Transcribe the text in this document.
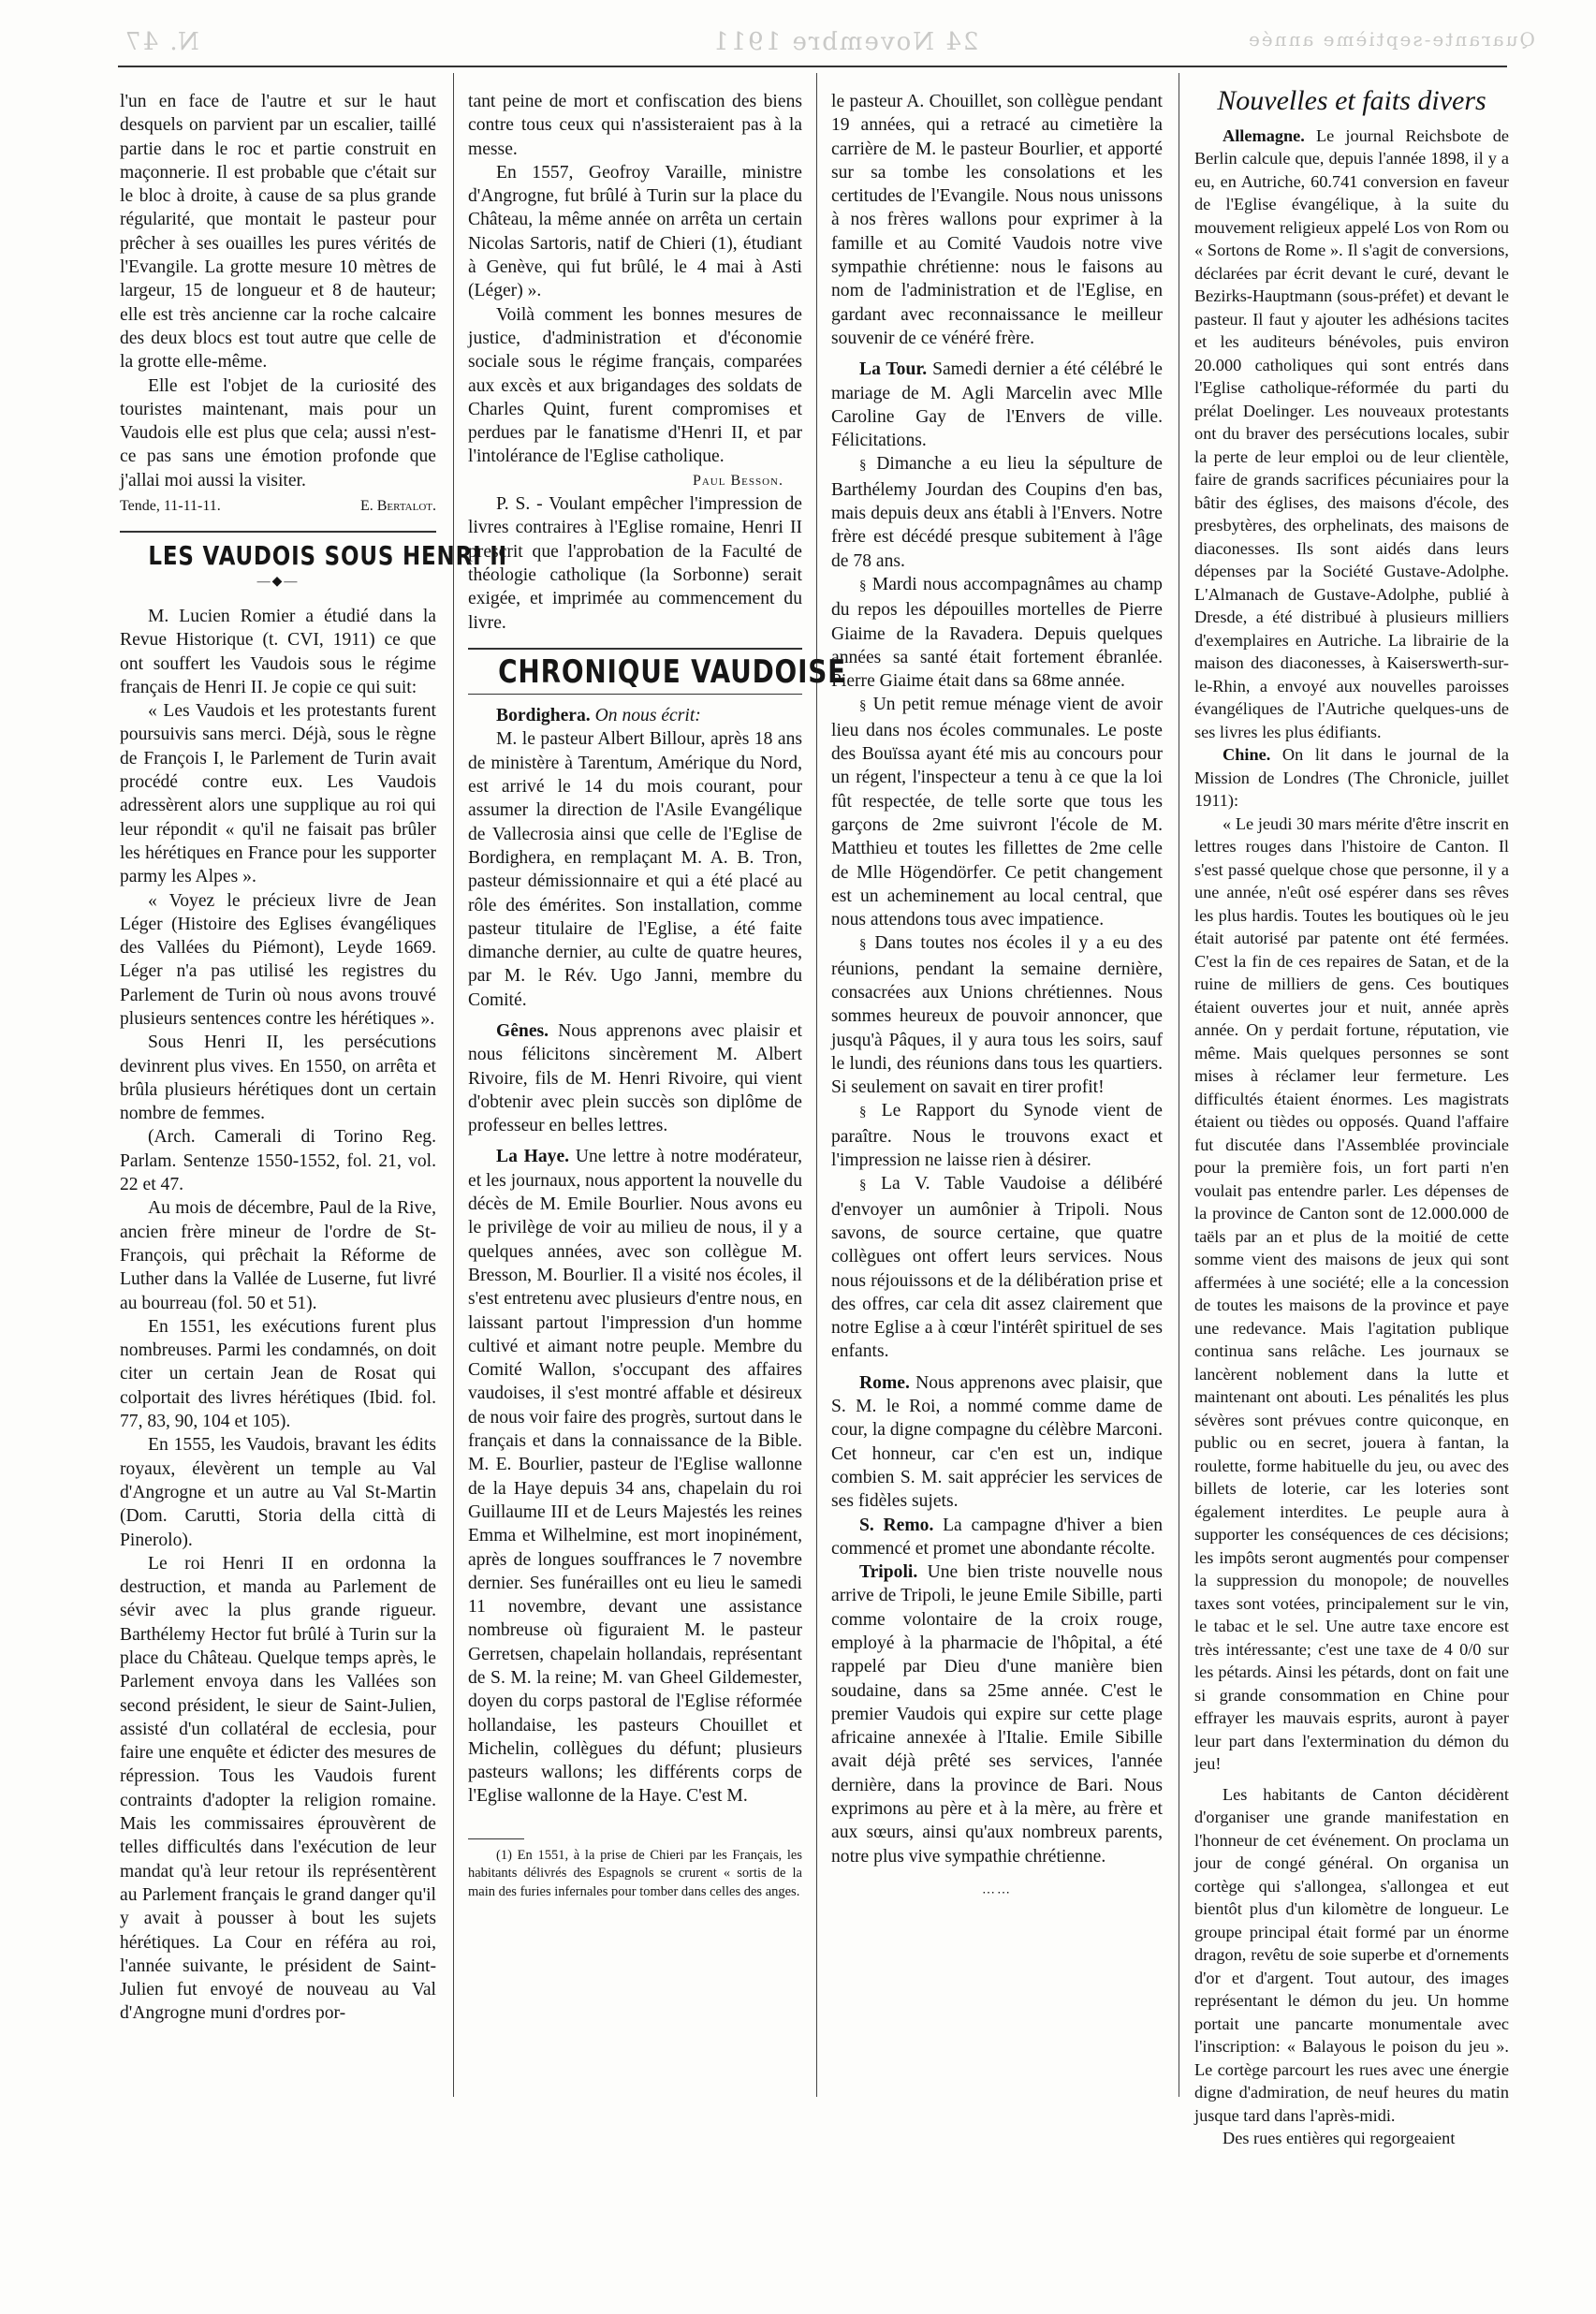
N. 47	24 Novembre 1911	Quarante-septième année

l'un en face de l'autre et sur le haut desquels on parvient par un escalier, taillé partie dans le roc et partie construit en maçonnerie. Il est probable que c'était sur le bloc à droite, à cause de sa plus grande régularité, que montait le pasteur pour prêcher à ses ouailles les pures vérités de l'Evangile. La grotte mesure 10 mètres de largeur, 15 de longueur et 8 de hauteur; elle est très ancienne car la roche calcaire des deux blocs est tout autre que celle de la grotte elle-même.

Elle est l'objet de la curiosité des touristes maintenant, mais pour un Vaudois elle est plus que cela; aussi n'est-ce pas sans une émotion profonde que j'allai moi aussi la visiter.

Tende, 11-11-11.	E. Bertalot.
LES VAUDOIS SOUS HENRI II
—◆—

M. Lucien Romier a étudié dans la Revue Historique (t. CVI, 1911) ce que ont souffert les Vaudois sous le régime français de Henri II. Je copie ce qui suit:

« Les Vaudois et les protestants furent poursuivis sans merci. Déjà, sous le règne de François I, le Parlement de Turin avait procédé contre eux. Les Vaudois adressèrent alors une supplique au roi qui leur répondit « qu'il ne faisait pas brûler les hérétiques en France pour les supporter parmy les Alpes ».

« Voyez le précieux livre de Jean Léger (Histoire des Eglises évangéliques des Vallées du Piémont), Leyde 1669. Léger n'a pas utilisé les registres du Parlement de Turin où nous avons trouvé plusieurs sentences contre les hérétiques ».

Sous Henri II, les persécutions devinrent plus vives. En 1550, on arrêta et brûla plusieurs hérétiques dont un certain nombre de femmes.

(Arch. Camerali di Torino Reg. Parlam. Sentenze 1550-1552, fol. 21, vol. 22 et 47.

Au mois de décembre, Paul de la Rive, ancien frère mineur de l'ordre de St-François, qui prêchait la Réforme de Luther dans la Vallée de Luserne, fut livré au bourreau (fol. 50 et 51).

En 1551, les exécutions furent plus nombreuses. Parmi les condamnés, on doit citer un certain Jean de Rosat qui colportait des livres hérétiques (Ibid. fol. 77, 83, 90, 104 et 105).

En 1555, les Vaudois, bravant les édits royaux, élevèrent un temple au Val d'Angrogne et un autre au Val St-Martin (Dom. Carutti, Storia della città di Pinerolo).

Le roi Henri II en ordonna la destruction, et manda au Parlement de sévir avec la plus grande rigueur. Barthélemy Hector fut brûlé à Turin sur la place du Château. Quelque temps après, le Parlement envoya dans les Vallées son second président, le sieur de Saint-Julien, assisté d'un collatéral de ecclesia, pour faire une enquête et édicter des mesures de répression. Tous les Vaudois furent contraints d'adopter la religion romaine. Mais les commissaires éprouvèrent de telles difficultés dans l'exécution de leur mandat qu'à leur retour ils représentèrent au Parlement français le grand danger qu'il y avait à pousser à bout les sujets hérétiques. La Cour en référa au roi, l'année suivante, le président de Saint-Julien fut envoyé de nouveau au Val d'Angrogne muni d'ordres por-

tant peine de mort et confiscation des biens contre tous ceux qui n'assisteraient pas à la messe.

En 1557, Geofroy Varaille, ministre d'Angrogne, fut brûlé à Turin sur la place du Château, la même année on arrêta un certain Nicolas Sartoris, natif de Chieri (1), étudiant à Genève, qui fut brûlé, le 4 mai à Asti (Léger) ».

Voilà comment les bonnes mesures de justice, d'administration et d'économie sociale sous le régime français, comparées aux excès et aux brigandages des soldats de Charles Quint, furent compromises et perdues par le fanatisme d'Henri II, et par l'intolérance de l'Eglise catholique.

Paul Besson.

P. S. - Voulant empêcher l'impression de livres contraires à l'Eglise romaine, Henri II prescrit que l'approbation de la Faculté de théologie catholique (la Sorbonne) serait exigée, et imprimée au commencement du livre.

CHRONIQUE VAUDOISE

Bordighera. On nous écrit:

M. le pasteur Albert Billour, après 18 ans de ministère à Tarentum, Amérique du Nord, est arrivé le 14 du mois courant, pour assumer la direction de l'Asile Evangélique de Vallecrosia ainsi que celle de l'Eglise de Bordighera, en remplaçant M. A. B. Tron, pasteur démissionnaire et qui a été placé au rôle des émérites. Son installation, comme pasteur titulaire de l'Eglise, a été faite dimanche dernier, au culte de quatre heures, par M. le Rév. Ugo Janni, membre du Comité.

Gênes. Nous apprenons avec plaisir et nous félicitons sincèrement M. Albert Rivoire, fils de M. Henri Rivoire, qui vient d'obtenir avec plein succès son diplôme de professeur en belles lettres.

La Haye. Une lettre à notre modérateur, et les journaux, nous apportent la nouvelle du décès de M. Emile Bourlier. Nous avons eu le privilège de voir au milieu de nous, il y a quelques années, avec son collègue M. Bresson, M. Bourlier. Il a visité nos écoles, il s'est entretenu avec plusieurs d'entre nous, en laissant partout l'impression d'un homme cultivé et aimant notre peuple. Membre du Comité Wallon, s'occupant des affaires vaudoises, il s'est montré affable et désireux de nous voir faire des progrès, surtout dans le français et dans la connaissance de la Bible. M. E. Bourlier, pasteur de l'Eglise wallonne de la Haye depuis 34 ans, chapelain du roi Guillaume III et de Leurs Majestés les reines Emma et Wilhelmine, est mort inopinément, après de longues souffrances le 7 novembre dernier. Ses funérailles ont eu lieu le samedi 11 novembre, devant une assistance nombreuse où figuraient M. le pasteur Gerretsen, chapelain hollandais, représentant de S. M. la reine; M. van Gheel Gildemester, doyen du corps pastoral de l'Eglise réformée hollandaise, les pasteurs Chouillet et Michelin, collègues du défunt; plusieurs pasteurs wallons; les différents corps de l'Eglise wallonne de la Haye. C'est M.

(1) En 1551, à la prise de Chieri par les Français, les habitants délivrés des Espagnols se crurent « sortis de la main des furies infernales pour tomber dans celles des anges.

le pasteur A. Chouillet, son collègue pendant 19 années, qui a retracé au cimetière la carrière de M. le pasteur Bourlier, et apporté sur sa tombe les consolations et les certitudes de l'Evangile. Nous nous unissons à nos frères wallons pour exprimer à la famille et au Comité Vaudois notre vive sympathie chrétienne: nous le faisons au nom de l'administration et de l'Eglise, en gardant avec reconnaissance le meilleur souvenir de ce vénéré frère.

La Tour. Samedi dernier a été célébré le mariage de M. Agli Marcelin avec Mlle Caroline Gay de l'Envers de ville. Félicitations.

§ Dimanche a eu lieu la sépulture de Barthélemy Jourdan des Coupins d'en bas, mais depuis deux ans établi à l'Envers. Notre frère est décédé presque subitement à l'âge de 78 ans.

§ Mardi nous accompagnâmes au champ du repos les dépouilles mortelles de Pierre Giaime de la Ravadera. Depuis quelques années sa santé était fortement ébranlée. Pierre Giaime était dans sa 68me année.

§ Un petit remue ménage vient de avoir lieu dans nos écoles communales. Le poste des Bouïssa ayant été mis au concours pour un régent, l'inspecteur a tenu à ce que la loi fût respectée, de telle sorte que tous les garçons de 2me suivront l'école de M. Matthieu et toutes les fillettes de 2me celle de Mlle Högendörfer. Ce petit changement est un acheminement au local central, que nous attendons tous avec impatience.

§ Dans toutes nos écoles il y a eu des réunions, pendant la semaine dernière, consacrées aux Unions chrétiennes. Nous sommes heureux de pouvoir annoncer, que jusqu'à Pâques, il y aura tous les soirs, sauf le lundi, des réunions dans tous les quartiers. Si seulement on savait en tirer profit!

§ Le Rapport du Synode vient de paraître. Nous le trouvons exact et l'impression ne laisse rien à désirer.

§ La V. Table Vaudoise a délibéré d'envoyer un aumônier à Tripoli. Nous savons, de source certaine, que quatre collègues ont offert leurs services. Nous nous réjouissons et de la délibération prise et des offres, car cela dit assez clairement que notre Eglise a à cœur l'intérêt spirituel de ses enfants.

Rome. Nous apprenons avec plaisir, que S. M. le Roi, a nommé comme dame de cour, la digne compagne du célèbre Marconi. Cet honneur, car c'en est un, indique combien S. M. sait apprécier les services de ses fidèles sujets.

S. Remo. La campagne d'hiver a bien commencé et promet une abondante récolte.

Tripoli. Une bien triste nouvelle nous arrive de Tripoli, le jeune Emile Sibille, parti comme volontaire de la croix rouge, employé à la pharmacie de l'hôpital, a été rappelé par Dieu d'une manière bien soudaine, dans sa 25me année. C'est le premier Vaudois qui expire sur cette plage africaine annexée à l'Italie. Emile Sibille avait déjà prêté ses services, l'année dernière, dans la province de Bari. Nous exprimons au père et à la mère, au frère et aux sœurs, ainsi qu'aux nombreux parents, notre plus vive sympathie chrétienne.

⋯⋯
Nouvelles et faits divers

Allemagne. Le journal Reichsbote de Berlin calcule que, depuis l'année 1898, il y a eu, en Autriche, 60.741 conversion en faveur de l'Eglise évangélique, à la suite du mouvement religieux appelé Los von Rom ou « Sortons de Rome ». Il s'agit de conversions, déclarées par écrit devant le curé, devant le Bezirks-Hauptmann (sous-préfet) et devant le pasteur. Il faut y ajouter les adhésions tacites et les auditeurs bénévoles, puis environ 20.000 catholiques qui sont entrés dans l'Eglise catholique-réformée du parti du prélat Doelinger. Les nouveaux protestants ont du braver des persécutions locales, subir la perte de leur emploi ou de leur clientèle, faire de grands sacrifices pécuniaires pour la bâtir des églises, des maisons d'école, des presbytères, des orphelinats, des maisons de diaconesses. Ils sont aidés dans leurs dépenses par la Société Gustave-Adolphe. L'Almanach de Gustave-Adolphe, publié à Dresde, a été distribué à plusieurs milliers d'exemplaires en Autriche. La librairie de la maison des diaconesses, à Kaiserswerth-sur-le-Rhin, a envoyé aux nouvelles paroisses évangéliques de l'Autriche quelques-uns de ses livres les plus édifiants.

Chine. On lit dans le journal de la Mission de Londres (The Chronicle, juillet 1911):

« Le jeudi 30 mars mérite d'être inscrit en lettres rouges dans l'histoire de Canton. Il s'est passé quelque chose que personne, il y a une année, n'eût osé espérer dans ses rêves les plus hardis. Toutes les boutiques où le jeu était autorisé par patente ont été fermées. C'est la fin de ces repaires de Satan, et de la ruine de milliers de gens. Ces boutiques étaient ouvertes jour et nuit, année après année. On y perdait fortune, réputation, vie même. Mais quelques personnes se sont mises à réclamer leur fermeture. Les difficultés étaient énormes. Les magistrats étaient ou tièdes ou opposés. Quand l'affaire fut discutée dans l'Assemblée provinciale pour la première fois, un fort parti n'en voulait pas entendre parler. Les dépenses de la province de Canton sont de 12.000.000 de taëls par an et plus de la moitié de cette somme vient des maisons de jeux qui sont affermées à une société; elle a la concession de toutes les maisons de la province et paye une redevance. Mais l'agitation publique continua sans relâche. Les journaux se lancèrent noblement dans la lutte et maintenant ont abouti. Les pénalités les plus sévères sont prévues contre quiconque, en public ou en secret, jouera à fantan, la roulette, forme habituelle du jeu, ou avec des billets de loterie, car les loteries sont également interdites. Le peuple aura à supporter les conséquences de ces décisions; les impôts seront augmentés pour compenser la suppression du monopole; de nouvelles taxes sont votées, principalement sur le vin, le tabac et le sel. Une autre taxe encore est très intéressante; c'est une taxe de 4 0/0 sur les pétards. Ainsi les pétards, dont on fait une si grande consommation en Chine pour effrayer les mauvais esprits, auront à payer leur part dans l'extermination du démon du jeu!

Les habitants de Canton décidèrent d'organiser une grande manifestation en l'honneur de cet événement. On proclama un jour de congé général. On organisa un cortège qui s'allongea, s'allongea et eut bientôt plus d'un kilomètre de longueur. Le groupe principal était formé par un énorme dragon, revêtu de soie superbe et d'ornements d'or et d'argent. Tout autour, des images représentant le démon du jeu. Un homme portait une pancarte monumentale avec l'inscription: « Balayous le poison du jeu ». Le cortège parcourt les rues avec une énergie digne d'admiration, de neuf heures du matin jusque tard dans l'après-midi.

Des rues entières qui regorgeaient
